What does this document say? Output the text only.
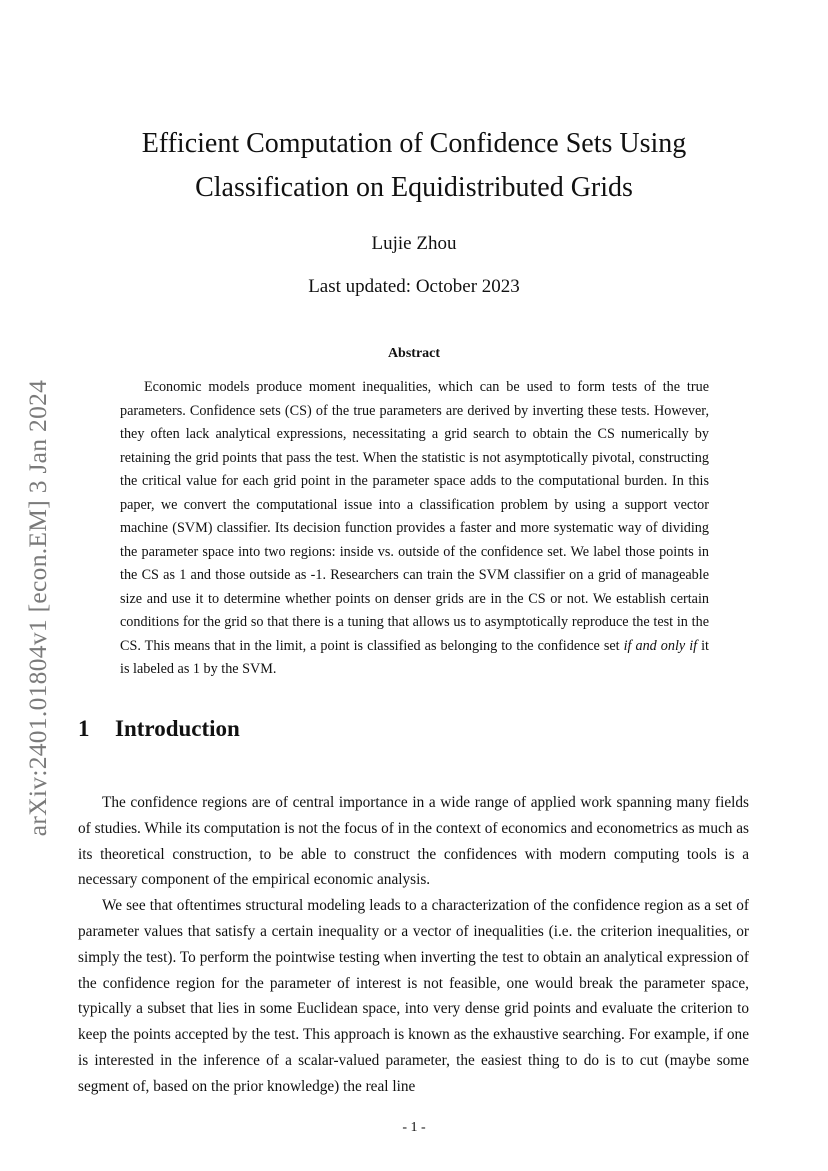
arXiv:2401.01804v1 [econ.EM] 3 Jan 2024
Efficient Computation of Confidence Sets Using
Classification on Equidistributed Grids
Lujie Zhou
Last updated: October 2023
Abstract

Economic models produce moment inequalities, which can be used to form tests of the true parameters. Confidence sets (CS) of the true parameters are derived by inverting these tests. However, they often lack analytical expressions, necessitating a grid search to obtain the CS numerically by retaining the grid points that pass the test. When the statistic is not asymptotically pivotal, constructing the critical value for each grid point in the parameter space adds to the computational burden. In this paper, we convert the computational issue into a classification problem by using a support vector machine (SVM) classifier. Its decision function provides a faster and more systematic way of dividing the parameter space into two regions: inside vs. outside of the confidence set. We label those points in the CS as 1 and those outside as -1. Researchers can train the SVM classifier on a grid of manageable size and use it to determine whether points on denser grids are in the CS or not. We establish certain conditions for the grid so that there is a tuning that allows us to asymptotically reproduce the test in the CS. This means that in the limit, a point is classified as belonging to the confidence set if and only if it is labeled as 1 by the SVM.

1 Introduction

The confidence regions are of central importance in a wide range of applied work spanning many fields of studies. While its computation is not the focus of in the context of economics and econometrics as much as its theoretical construction, to be able to construct the confidences with modern computing tools is a necessary component of the empirical economic analysis.

We see that oftentimes structural modeling leads to a characterization of the confidence region as a set of parameter values that satisfy a certain inequality or a vector of inequalities (i.e. the criterion inequalities, or simply the test). To perform the pointwise testing when inverting the test to obtain an analytical expression of the confidence region for the parameter of interest is not feasible, one would break the parameter space, typically a subset that lies in some Euclidean space, into very dense grid points and evaluate the criterion to keep the points accepted by the test. This approach is known as the exhaustive searching. For example, if one is interested in the inference of a scalar-valued parameter, the easiest thing to do is to cut (maybe some segment of, based on the prior knowledge) the real line

- 1 -
